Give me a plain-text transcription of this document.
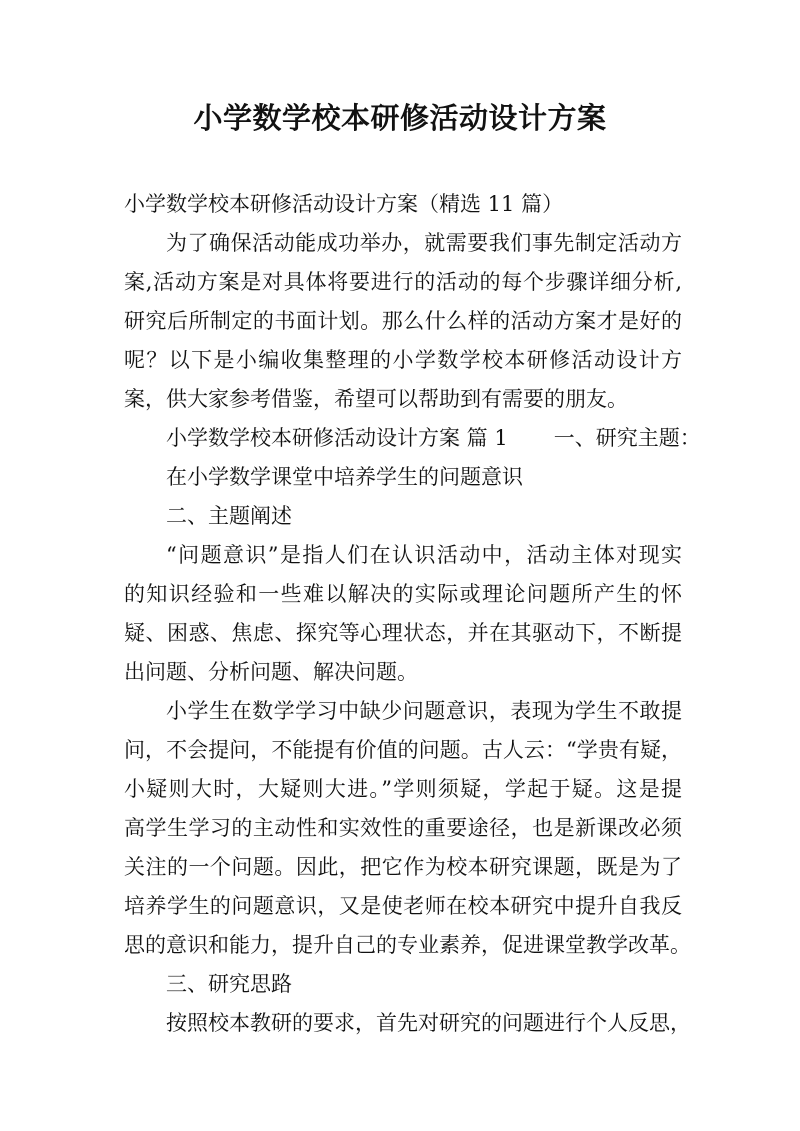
小学数学校本研修活动设计方案
小学数学校本研修活动设计方案（精选 11 篇）
为了确保活动能成功举办，就需要我们事先制定活动方
案,活动方案是对具体将要进行的活动的每个步骤详细分析,
研究后所制定的书面计划。那么什么样的活动方案才是好的
呢？以下是小编收集整理的小学数学校本研修活动设计方
案，供大家参考借鉴，希望可以帮助到有需要的朋友。
小学数学校本研修活动设计方案 篇 1 一、研究主题：
在小学数学课堂中培养学生的问题意识
二、主题阐述
“问题意识”是指人们在认识活动中，活动主体对现实
的知识经验和一些难以解决的实际或理论问题所产生的怀
疑、困惑、焦虑、探究等心理状态，并在其驱动下，不断提
出问题、分析问题、解决问题。
小学生在数学学习中缺少问题意识，表现为学生不敢提
问，不会提问，不能提有价值的问题。古人云：“学贵有疑，
小疑则大时，大疑则大进。”学则须疑，学起于疑。这是提
高学生学习的主动性和实效性的重要途径，也是新课改必须
关注的一个问题。因此，把它作为校本研究课题，既是为了
培养学生的问题意识，又是使老师在校本研究中提升自我反
思的意识和能力，提升自己的专业素养，促进课堂教学改革。
三、研究思路
按照校本教研的要求，首先对研究的问题进行个人反思，
